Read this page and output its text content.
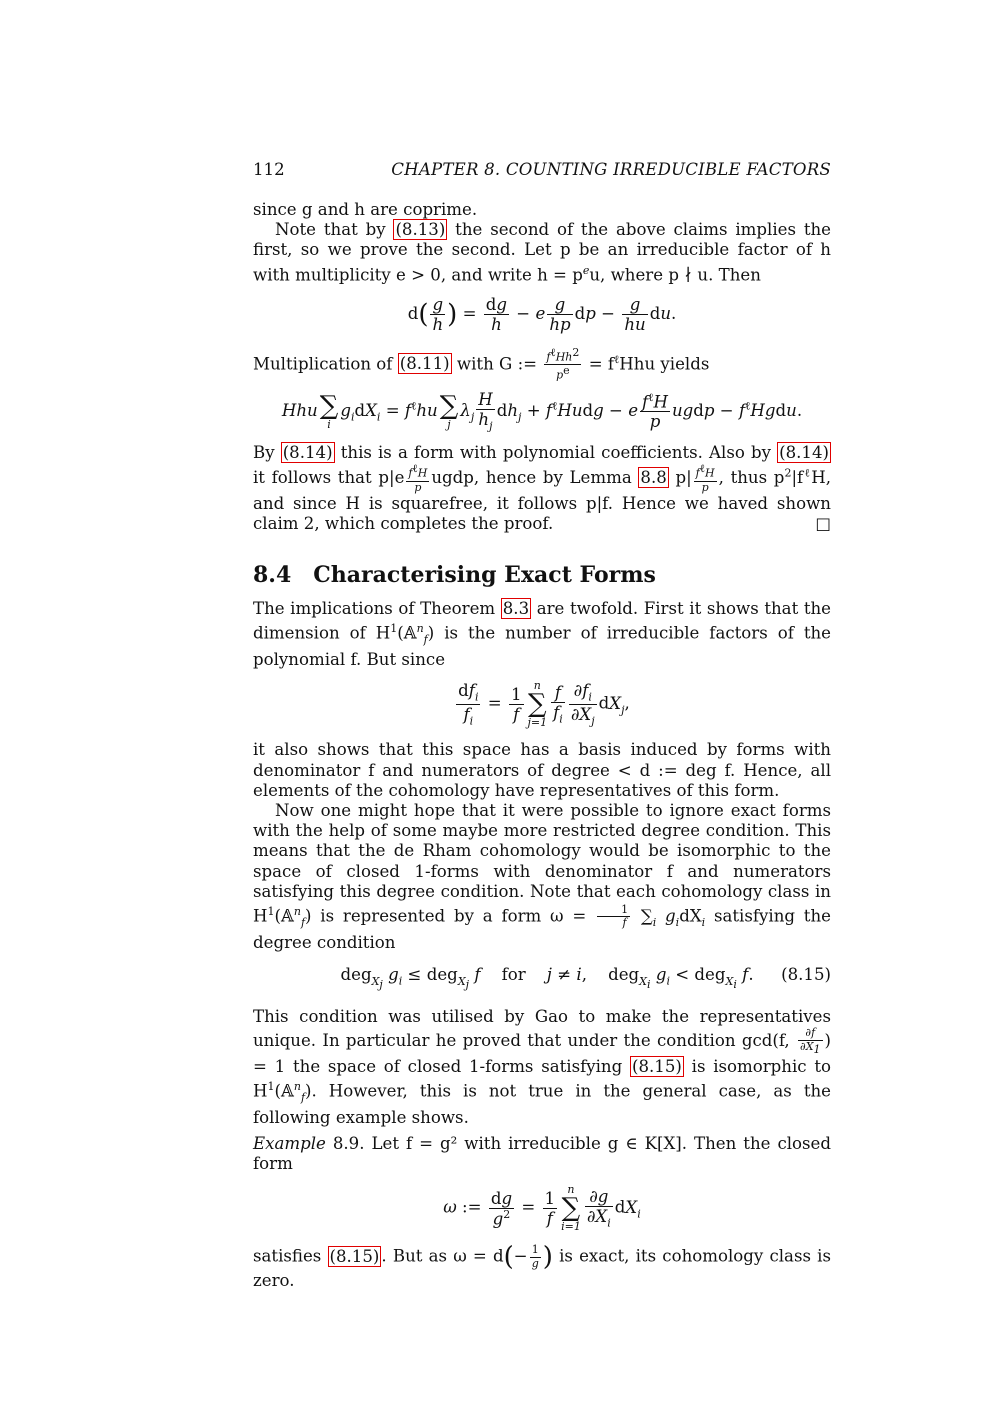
112	CHAPTER 8. COUNTING IRREDUCIBLE FACTORS

since g and h are coprime.

Note that by (8.13) the second of the above claims implies the first, so we prove the second. Let p be an irreducible factor of h with multiplicity e > 0, and write $h = p^eu$, where p ∤ u. Then

$d( \frac{g}{h}$ ) = $\frac{dg}{h} - e \frac{g}{hp}$ dp − $\frac{g}{hu}$ du.

Multiplication of (8.11) with G := $\frac{f^\ell Hh^2}{p^e} = f^\ell Hhu$ yields

Hhu ∑
i
$g_idX_i = f^\ell hu$ ∑
j
$\lambda_j \frac{H}{h_j} dh_j$ + $f^\ell Hudg - e \frac{f^\ell H}{p}$ ugdp − $f^\ell Hgdu$.

By (8.14) this is a form with polynomial coefficients. Also by (8.14) it follows that $p|e \frac{f^\ell H}{p}$ ugdp, hence by Lemma 8.8 $p| \frac{f^\ell H}{p}$ , thus $p^2|f^\ell H$, and since H is squarefree, it follows p|f. Hence we haved shown claim 2, which completes the proof.	□

8.4 Characterising Exact Forms

The implications of Theorem 8.3 are twofold. First it shows that the dimension of $H^1(𝔸^n_f)$ is the number of irreducible factors of the polynomial f. But since

$\frac{df_i}{f_i} = \frac{1}{f}$ n
∑
$j=1 \frac{f}{f_i} \frac{\partial f_i}{\partial X_j} dX_j$,

it also shows that this space has a basis induced by forms with denominator f and numerators of degree < d := deg f. Hence, all elements of the cohomology have representatives of this form.

Now one might hope that it were possible to ignore exact forms with the help of some maybe more restricted degree condition. This means that the de Rham cohomology would be isomorphic to the space of closed 1-forms with denominator f and numerators satisfying this degree condition. Note that each cohomology class in $H^1(𝔸^n_f)$ is represented by a form $\omega = \frac{1}{f} \sum_i$ $g_idX_i$ satisfying the degree condition

deg$_{X_j}$ $g_i \le deg_{X_j}$ f    for    j ≠ i,    deg$_{X_i}$ $g_i < deg_{X_i}$ f. (8.15)

This condition was utilised by Gao to make the representatives unique. In particular he proved that under the condition gcd(f, $\frac{\partial f}{\partial X_1}$ ) = 1 the space of closed 1-forms satisfying (8.15) is isomorphic to $H^1(𝔸^n_f)$. However, this is not true in the general case, as the following example shows.

Example 8.9. Let f = g² with irreducible g ∈ K[X]. Then the closed form

ω := $\frac{dg}{g^2} = \frac{1}{f}$ n
∑
$i=1 \frac{\partial g}{\partial X_i} dX_i$

satisfies (8.15) . But as $\omega = d(- \frac{1}{g}$ ) is exact, its cohomology class is zero.
